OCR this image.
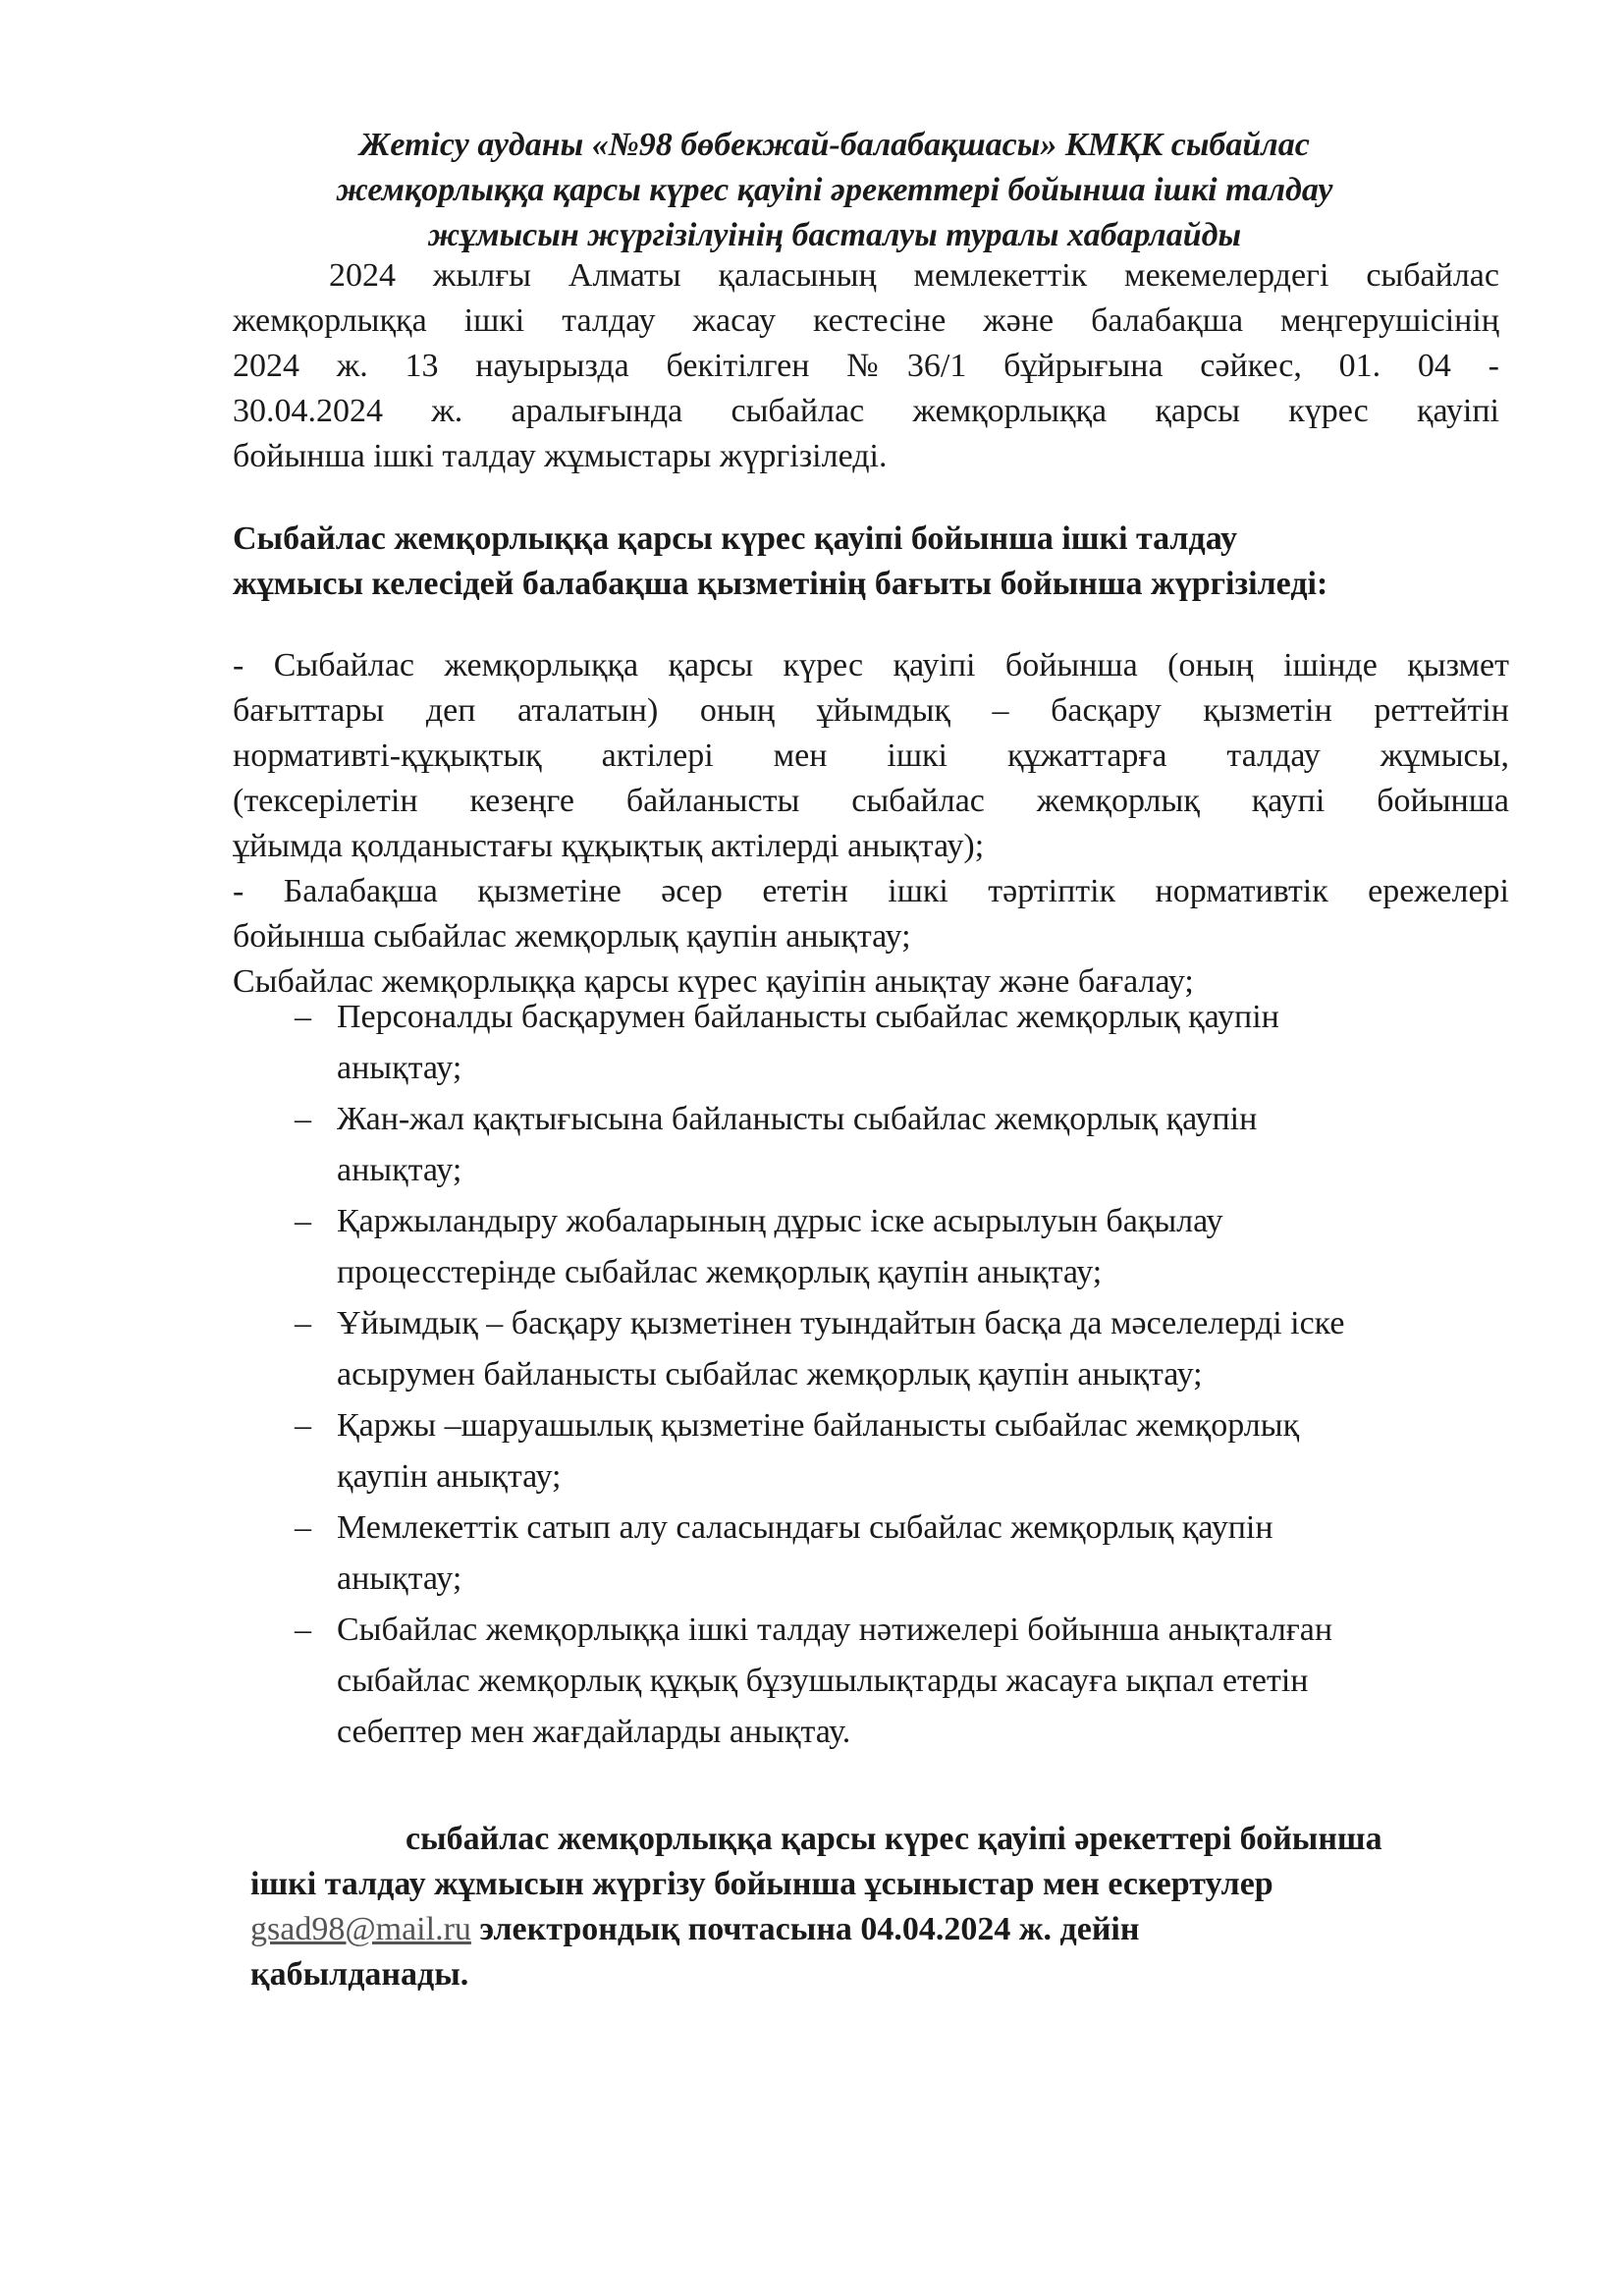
Жетісу ауданы «№98 бөбекжай-балабақшасы» КМҚК сыбайлас
жемқорлыққа қарсы күрес қауіпі әрекеттері бойынша ішкі талдау
жұмысын жүргізілуінің басталуы туралы хабарлайды
2024 жылғы Алматы қаласының мемлекеттік мекемелердегі сыбайлас
жемқорлыққа ішкі талдау жасау кестесіне және балабақша меңгерушісінің
2024 ж. 13 науырызда бекітілген №36/1 бұйрығына сәйкес, 01. 04 -
30.04.2024 ж. аралығында сыбайлас жемқорлыққа қарсы күрес қауіпі
бойынша ішкі талдау жұмыстары жүргізіледі.
Сыбайлас жемқорлыққа қарсы күрес қауіпі бойынша ішкі талдау
жұмысы келесідей балабақша қызметінің бағыты бойынша жүргізіледі:
- Сыбайлас жемқорлыққа қарсы күрес қауіпі бойынша (оның ішінде қызмет
бағыттары деп аталатын) оның ұйымдық – басқару қызметін реттейтін
нормативті-құқықтық актілері мен ішкі құжаттарға талдау жұмысы,
(тексерілетін кезеңге байланысты сыбайлас жемқорлық қаупі бойынша
ұйымда қолданыстағы құқықтық актілерді анықтау);
- Балабақша қызметіне әсер ететін ішкі тәртіптік нормативтік ережелері
бойынша сыбайлас жемқорлық қаупін анықтау;
Сыбайлас жемқорлыққа қарсы күрес қауіпін анықтау және бағалау;
– Персоналды басқарумен байланысты сыбайлас жемқорлық қаупін
анықтау;
– Жан-жал қақтығысына байланысты сыбайлас жемқорлық қаупін
анықтау;
– Қаржыландыру жобаларының дұрыс іске асырылуын бақылау
процесстерінде сыбайлас жемқорлық қаупін анықтау;
– Ұйымдық – басқару қызметінен туындайтын басқа да мәселелерді іске
асырумен байланысты сыбайлас жемқорлық қаупін анықтау;
– Қаржы –шаруашылық қызметіне байланысты сыбайлас жемқорлық
қаупін анықтау;
– Мемлекеттік сатып алу саласындағы сыбайлас жемқорлық қаупін
анықтау;
– Сыбайлас жемқорлыққа ішкі талдау нәтижелері бойынша анықталған
сыбайлас жемқорлық құқық бұзушылықтарды жасауға ықпал ететін
себептер мен жағдайларды анықтау.
сыбайлас жемқорлыққа қарсы күрес қауіпі әрекеттері бойынша
ішкі талдау жұмысын жүргізу бойынша ұсыныстар мен ескертулер
gsad98@mail.ru электрондық почтасына 04.04.2024 ж. дейін
қабылданады.
